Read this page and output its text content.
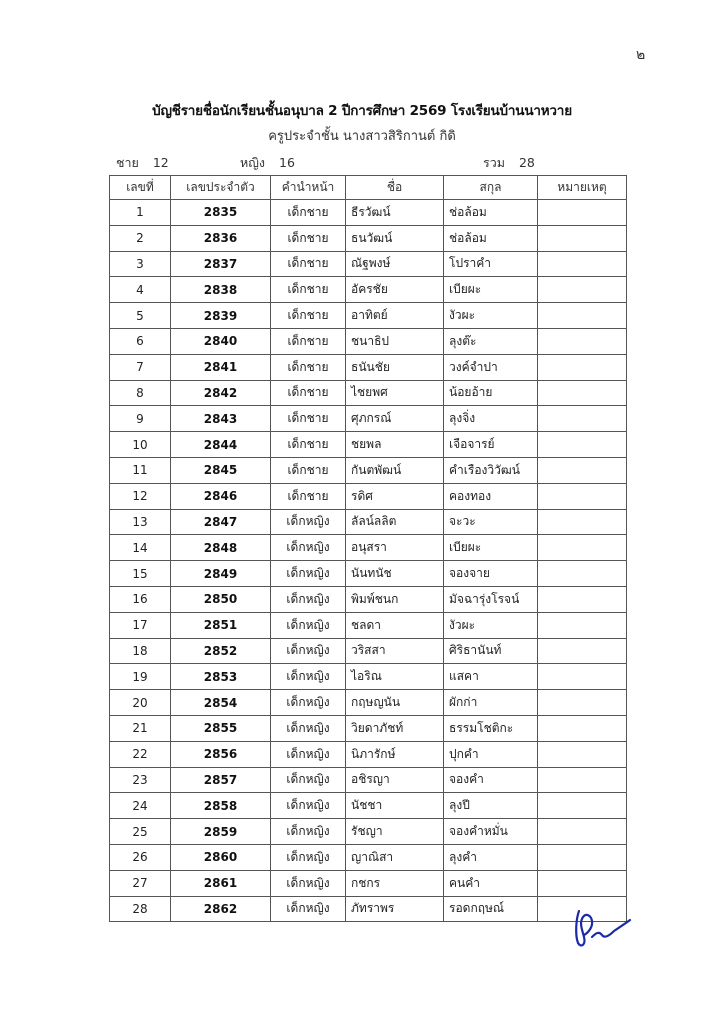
๒
บัญชีรายชื่อนักเรียนชั้นอนุบาล 2 ปีการศึกษา 2569 โรงเรียนบ้านนาหวาย
ครูประจำชั้น นางสาวสิริกานต์ กิดิ
ชาย 12	หญิง 16	รวม 28
เลขที่	เลขประจำตัว	คำนำหน้า	ชื่อ	สกุล	หมายเหตุ
1	2835	เด็กชาย	ธีรวัฒน์	ช่อล้อม	
2	2836	เด็กชาย	ธนวัฒน์	ช่อล้อม	
3	2837	เด็กชาย	ณัฐพงษ์	โปราคำ	
4	2838	เด็กชาย	อัครชัย	เบียผะ	
5	2839	เด็กชาย	อาทิตย์	งัวผะ	
6	2840	เด็กชาย	ชนาธิป	ลุงต๊ะ	
7	2841	เด็กชาย	ธนันชัย	วงค์จำปา	
8	2842	เด็กชาย	ไชยพศ	น้อยอ้าย	
9	2843	เด็กชาย	ศุภกรณ์	ลุงจิ่ง	
10	2844	เด็กชาย	ชยพล	เจือจารย์	
11	2845	เด็กชาย	กันตพัฒน์	คำเรืองวิวัฒน์	
12	2846	เด็กชาย	รดิศ	คองทอง	
13	2847	เด็กหญิง	ลัลน์ลลิต	จะวะ	
14	2848	เด็กหญิง	อนุสรา	เบียผะ	
15	2849	เด็กหญิง	นันทนัช	จองจาย	
16	2850	เด็กหญิง	พิมพ์ชนก	มัจฉารุ่งโรจน์	
17	2851	เด็กหญิง	ชลดา	งัวผะ	
18	2852	เด็กหญิง	วริสสา	ศิริธานันท์	
19	2853	เด็กหญิง	ไอริณ	แสคา	
20	2854	เด็กหญิง	กฤษญนัน	ผักก่า	
21	2855	เด็กหญิง	วิยดาภัชท์	ธรรมโชติกะ	
22	2856	เด็กหญิง	นิภารักษ์	ปุกคำ	
23	2857	เด็กหญิง	อชิรญา	จองคำ	
24	2858	เด็กหญิง	นัชชา	ลุงปี	
25	2859	เด็กหญิง	รัชญา	จองคำหมั่น	
26	2860	เด็กหญิง	ญาณิสา	ลุงคำ	
27	2861	เด็กหญิง	กชกร	คนคำ	
28	2862	เด็กหญิง	ภัทราพร	รอดกฤษณ์	
